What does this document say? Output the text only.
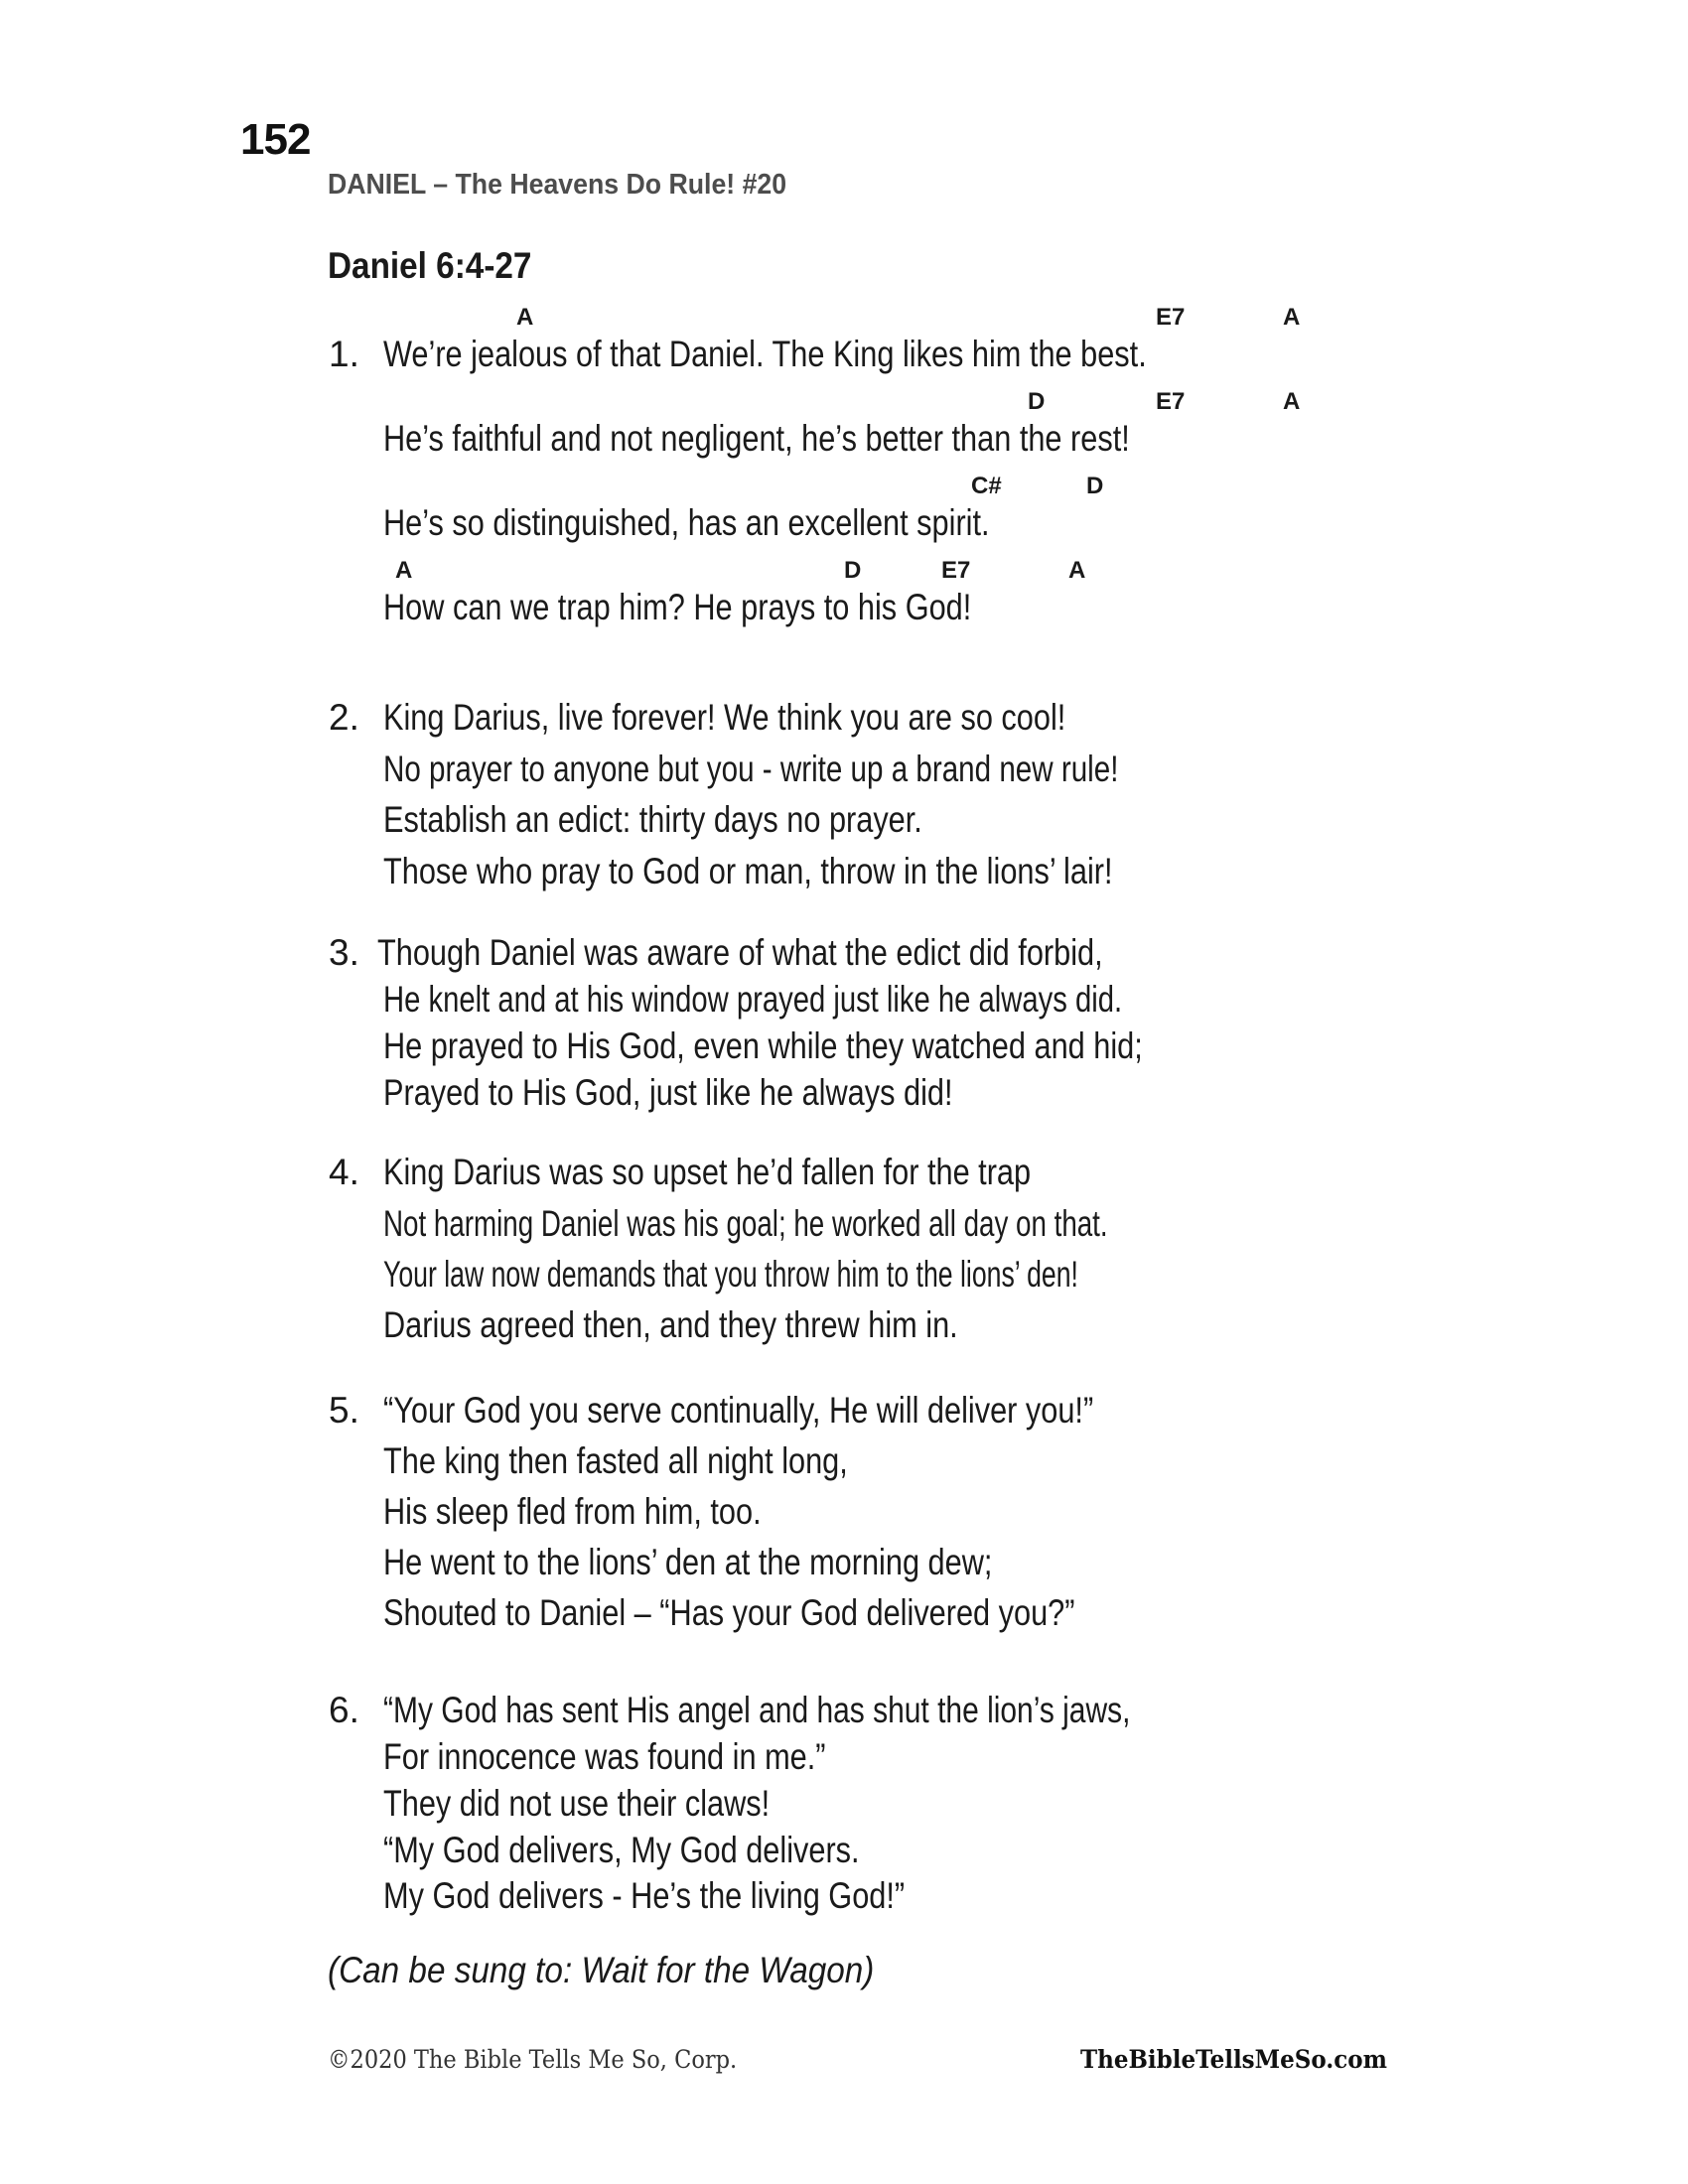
152
DANIEL – The Heavens Do Rule! #20
Daniel 6:4-27
1.
A	E7	A
We’re jealous of that Daniel. The King likes him the best.
D	E7	A
He’s faithful and not negligent, he’s better than the rest!
C#	D
He’s so distinguished, has an excellent spirit.
A	D	E7	A
How can we trap him? He prays to his God!
2. King Darius, live forever! We think you are so cool!
No prayer to anyone but you - write up a brand new rule!
Establish an edict: thirty days no prayer.
Those who pray to God or man, throw in the lions’ lair!
3. Though Daniel was aware of what the edict did forbid,
He knelt and at his window prayed just like he always did.
He prayed to His God, even while they watched and hid;
Prayed to His God, just like he always did!
4. King Darius was so upset he’d fallen for the trap
Not harming Daniel was his goal; he worked all day on that.
Your law now demands that you throw him to the lions’ den!
Darius agreed then, and they threw him in.
5. “Your God you serve continually, He will deliver you!”
The king then fasted all night long,
His sleep fled from him, too.
He went to the lions’ den at the morning dew;
Shouted to Daniel – “Has your God delivered you?”
6. “My God has sent His angel and has shut the lion’s jaws,
For innocence was found in me.”
They did not use their claws!
“My God delivers, My God delivers.
My God delivers - He’s the living God!”
(Can be sung to: Wait for the Wagon)
©2020 The Bible Tells Me So, Corp.	TheBibleTellsMeSo.com
